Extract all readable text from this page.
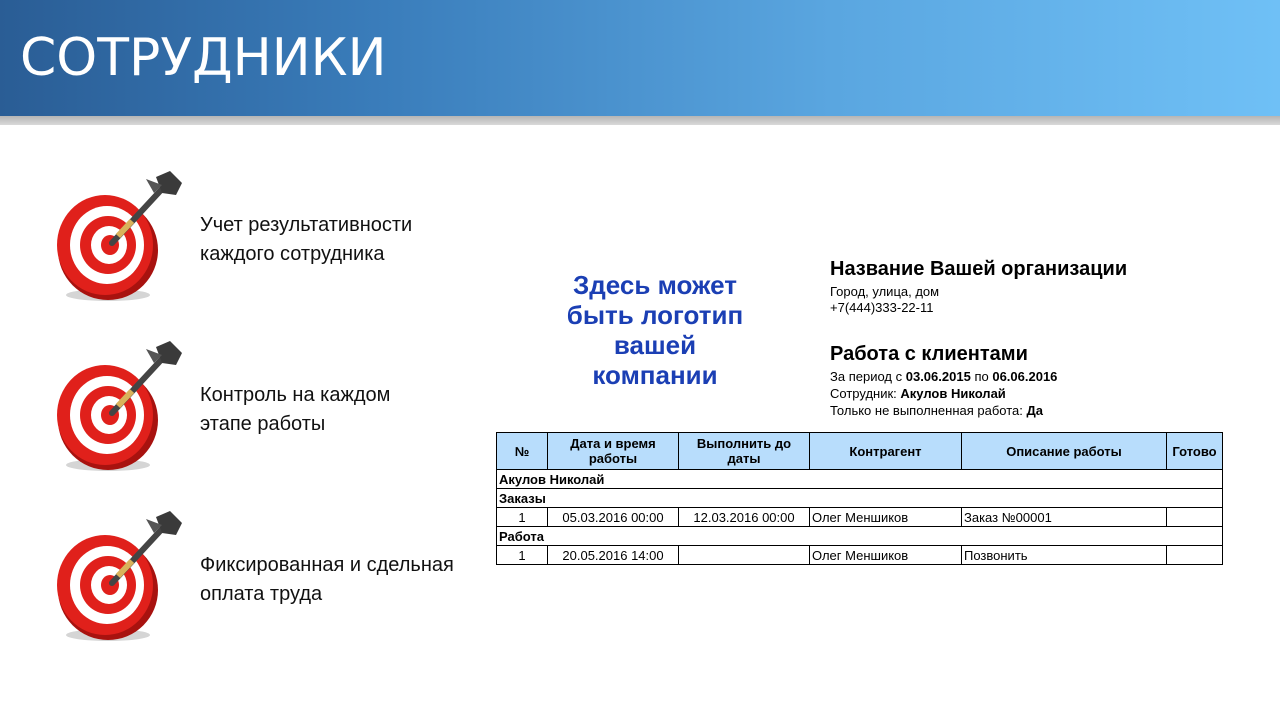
СОТРУДНИКИ
Учет результативности
каждого сотрудника
Контроль на каждом
этапе работы
Фиксированная и сдельная
оплата труда
Здесь может
быть логотип
вашей
компании
Название Вашей организации
Город, улица, дом
+7(444)333-22-11
Работа с клиентами
За период с 03.06.2015 по 06.06.2016
Сотрудник: Акулов Николай
Только не выполненная работа: Да
№	Дата и время работы	Выполнить до даты	Контрагент	Описание работы	Готово
Акулов Николай					
Заказы					
1	05.03.2016 00:00	12.03.2016 00:00	Олег Меншиков	Заказ №00001	
Работа					
1	20.05.2016 14:00		Олег Меншиков	Позвонить	
